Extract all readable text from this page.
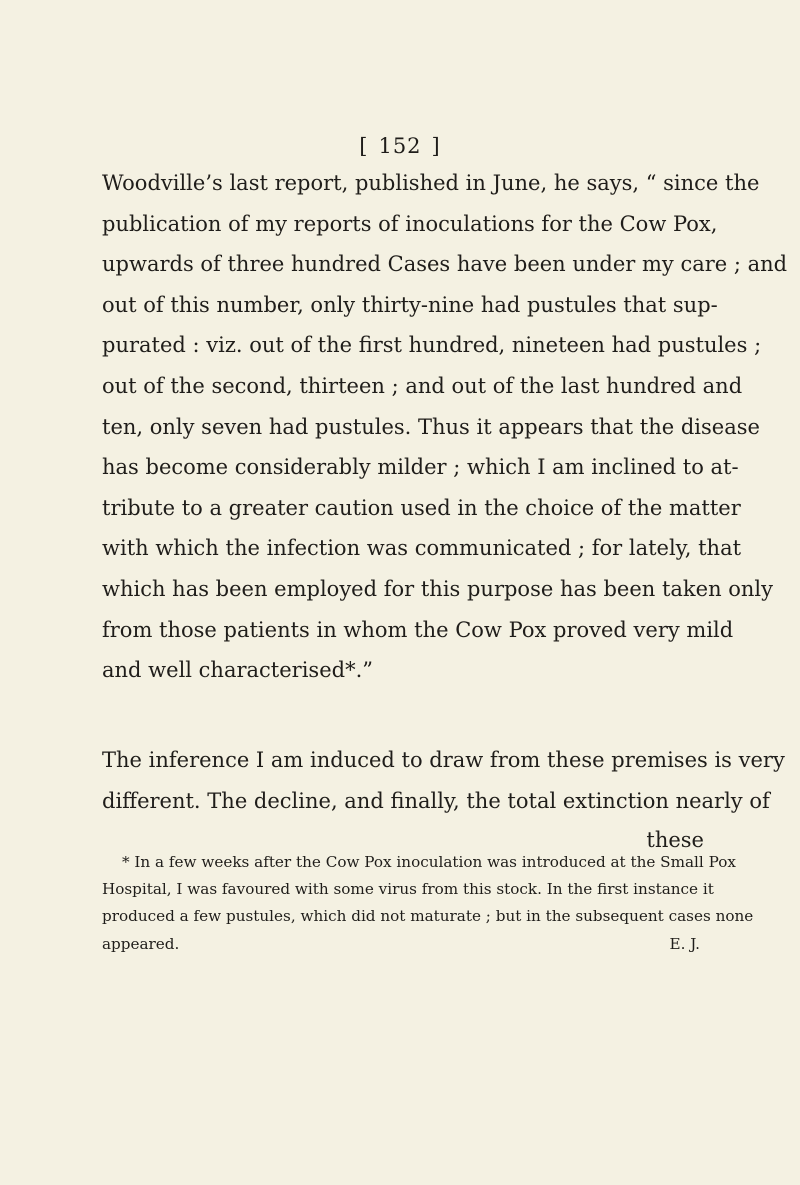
[ 152 ]
Woodville’s last report, published in June, he says, “ since the
publication of my reports of inoculations for the Cow Pox,
upwards of three hundred Cases have been under my care ; and
out of this number, only thirty-nine had pustules that sup-
purated : viz. out of the first hundred, nineteen had pustules ;
out of the second, thirteen ; and out of the last hundred and
ten, only seven had pustules. Thus it appears that the disease
has become considerably milder ; which I am inclined to at-
tribute to a greater caution used in the choice of the matter
with which the infection was communicated ; for lately, that
which has been employed for this purpose has been taken only
from those patients in whom the Cow Pox proved very mild
and well characterised*.”
The inference I am induced to draw from these premises is very
different. The decline, and finally, the total extinction nearly of
these
* In a few weeks after the Cow Pox inoculation was introduced at the Small Pox
Hospital, I was favoured with some virus from this stock. In the first instance it
produced a few pustules, which did not maturate ; but in the subsequent cases none
appeared.	E. J.
